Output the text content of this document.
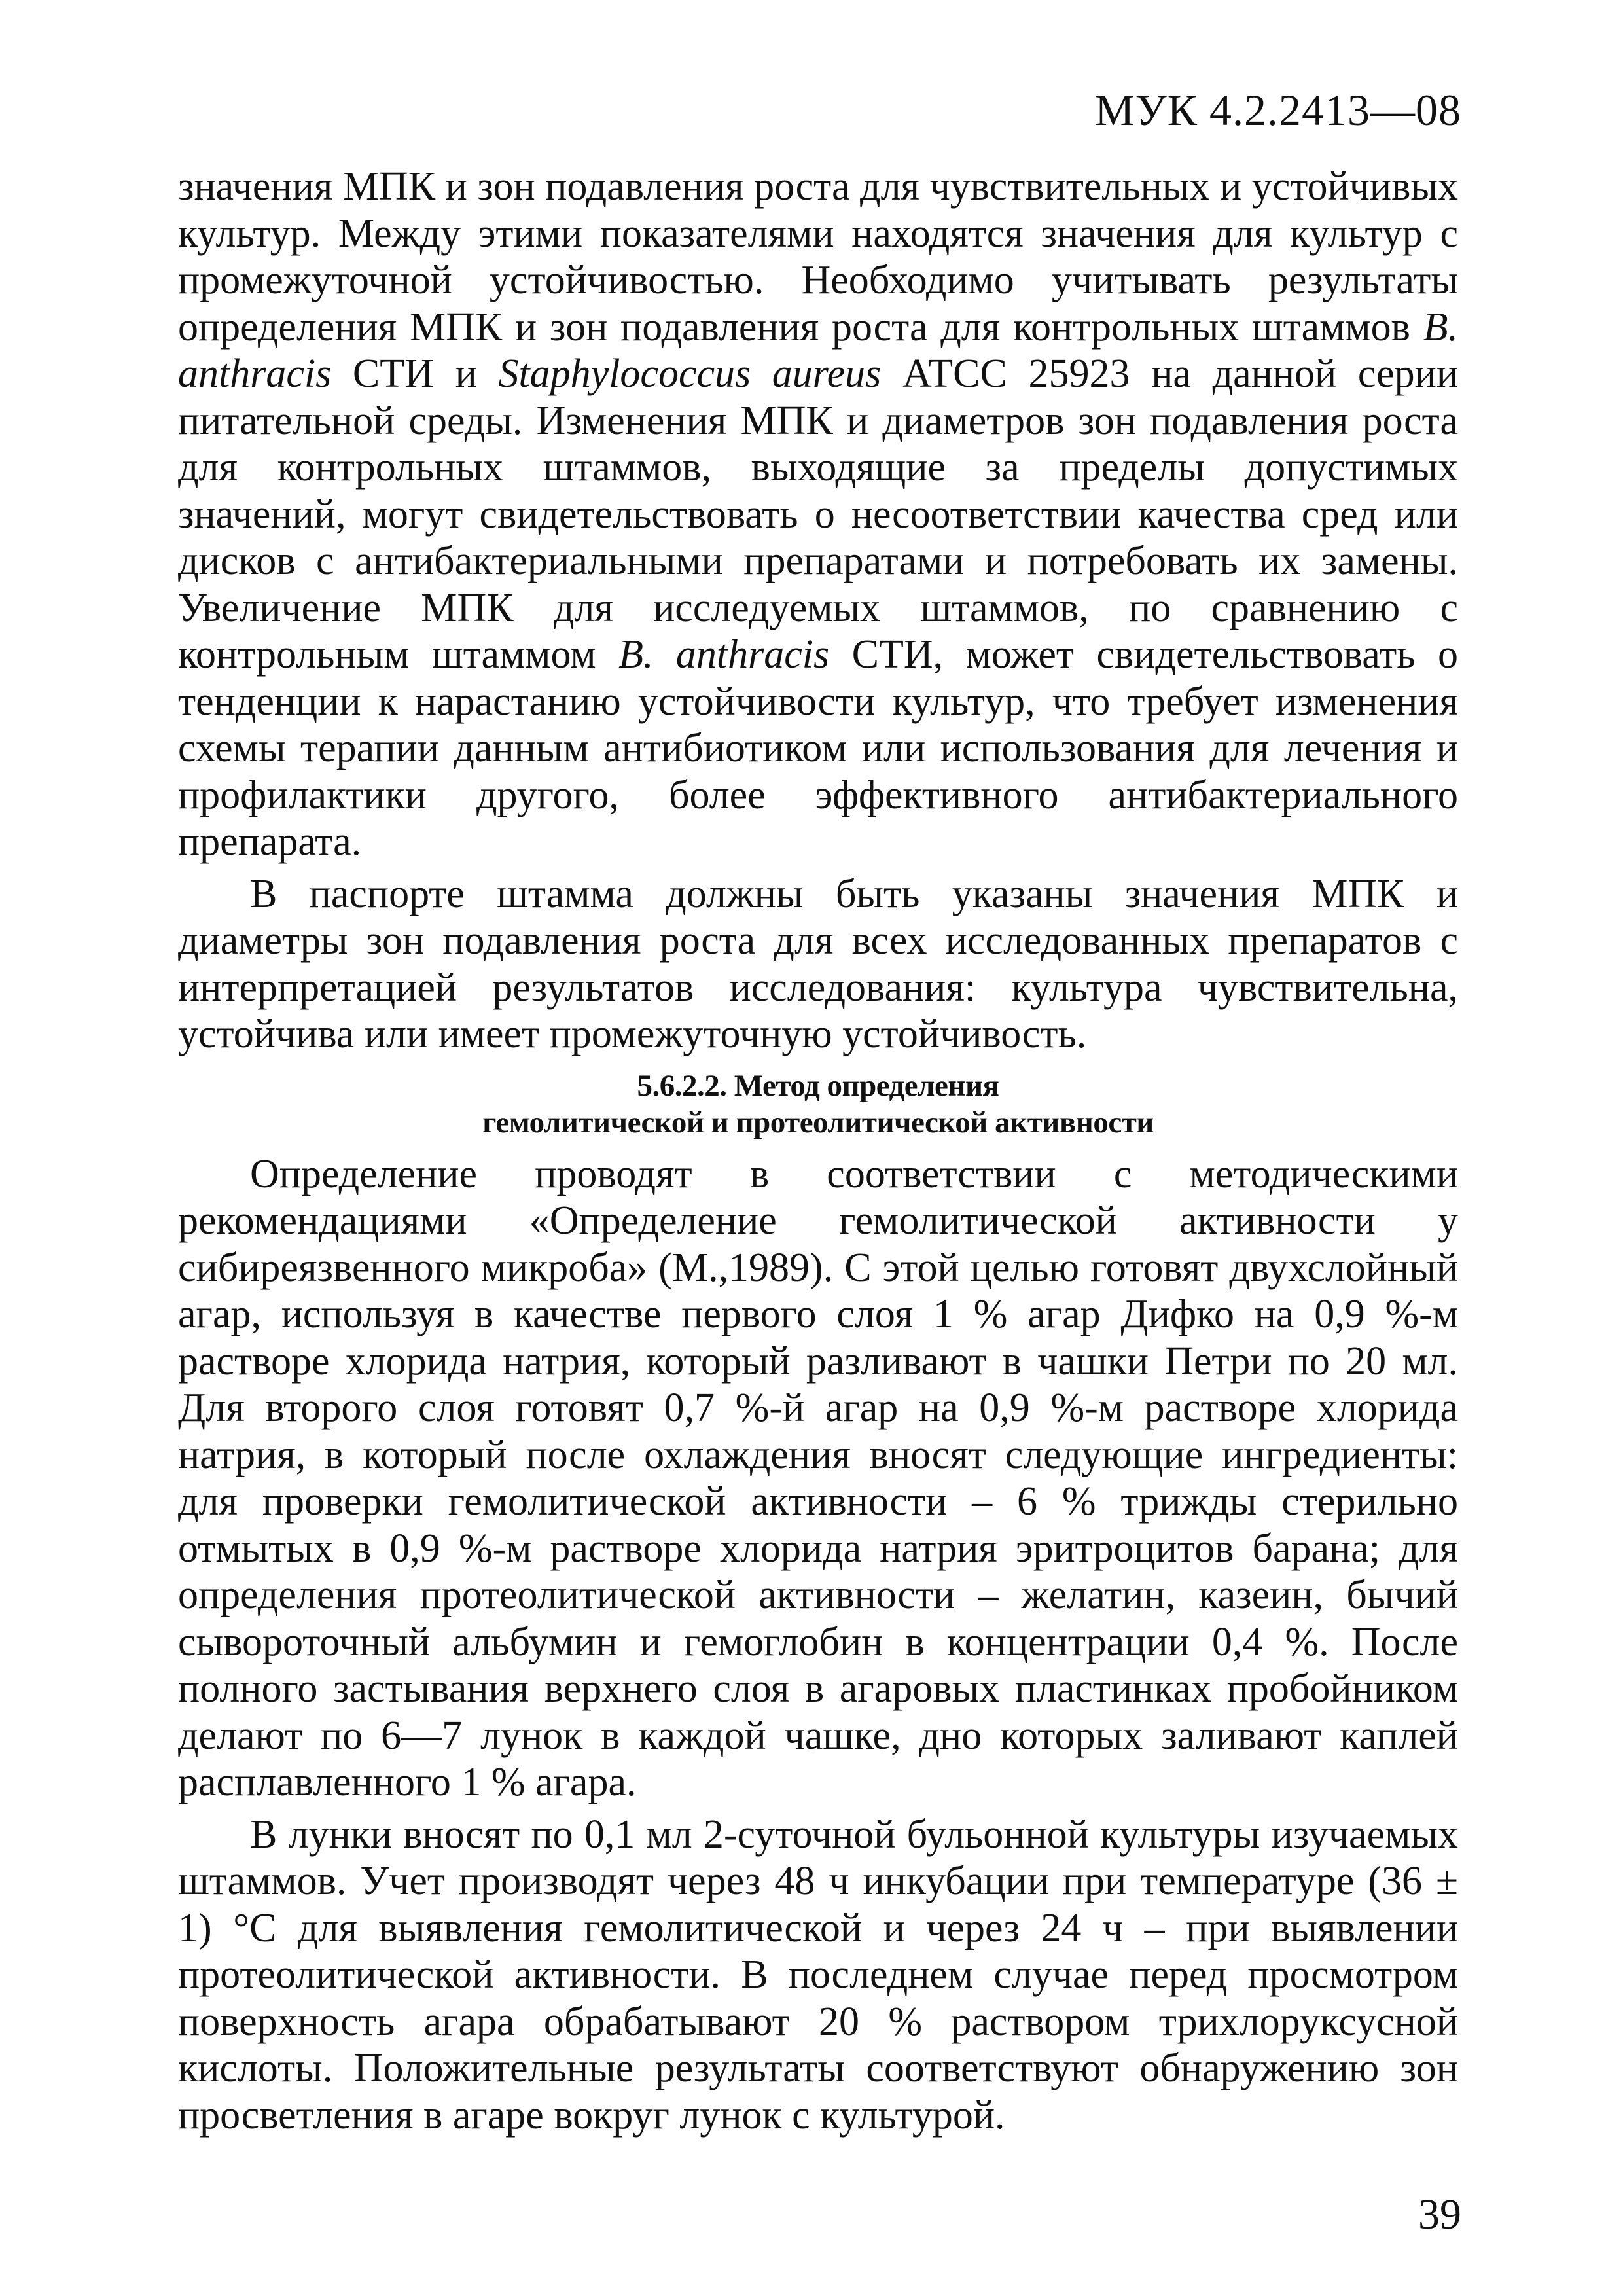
МУК 4.2.2413—08

значения МПК и зон подавления роста для чувствительных и устойчивых культур. Между этими показателями находятся значения для культур с промежуточной устойчивостью. Необходимо учитывать результаты определения МПК и зон подавления роста для контрольных штаммов B. anthracis СТИ и Staphylococcus aureus АТСС 25923 на данной серии питательной среды. Изменения МПК и диаметров зон подавления роста для контрольных штаммов, выходящие за пределы допустимых значений, могут свидетельствовать о несоответствии качества сред или дисков с антибактериальными препаратами и потребовать их замены. Увеличение МПК для исследуемых штаммов, по сравнению с контрольным штаммом B. anthracis СТИ, может свидетельствовать о тенденции к нарастанию устойчивости культур, что требует изменения схемы терапии данным антибиотиком или использования для лечения и профилактики другого, более эффективного антибактериального препарата.

В паспорте штамма должны быть указаны значения МПК и диаметры зон подавления роста для всех исследованных препаратов с интерпретацией результатов исследования: культура чувствительна, устойчива или имеет промежуточную устойчивость.

5.6.2.2. Метод определения
гемолитической и протеолитической активности

Определение проводят в соответствии с методическими рекомендациями «Определение гемолитической активности у сибиреязвенного микроба» (М.,1989). С этой целью готовят двухслойный агар, используя в качестве первого слоя 1 % агар Дифко на 0,9 %-м растворе хлорида натрия, который разливают в чашки Петри по 20 мл. Для второго слоя готовят 0,7 %-й агар на 0,9 %-м растворе хлорида натрия, в который после охлаждения вносят следующие ингредиенты: для проверки гемолитической активности – 6 % трижды стерильно отмытых в 0,9 %-м растворе хлорида натрия эритроцитов барана; для определения протеолитической активности – желатин, казеин, бычий сывороточный альбумин и гемоглобин в концентрации 0,4 %. После полного застывания верхнего слоя в агаровых пластинках пробойником делают по 6—7 лунок в каждой чашке, дно которых заливают каплей расплавленного 1 % агара.

В лунки вносят по 0,1 мл 2-суточной бульонной культуры изучаемых штаммов. Учет производят через 48 ч инкубации при температуре (36 ± 1) °С для выявления гемолитической и через 24 ч – при выявлении протеолитической активности. В последнем случае перед просмотром поверхность агара обрабатывают 20 % раствором трихлоруксусной кислоты. Положительные результаты соответствуют обнаружению зон просветления в агаре вокруг лунок с культурой.

39
